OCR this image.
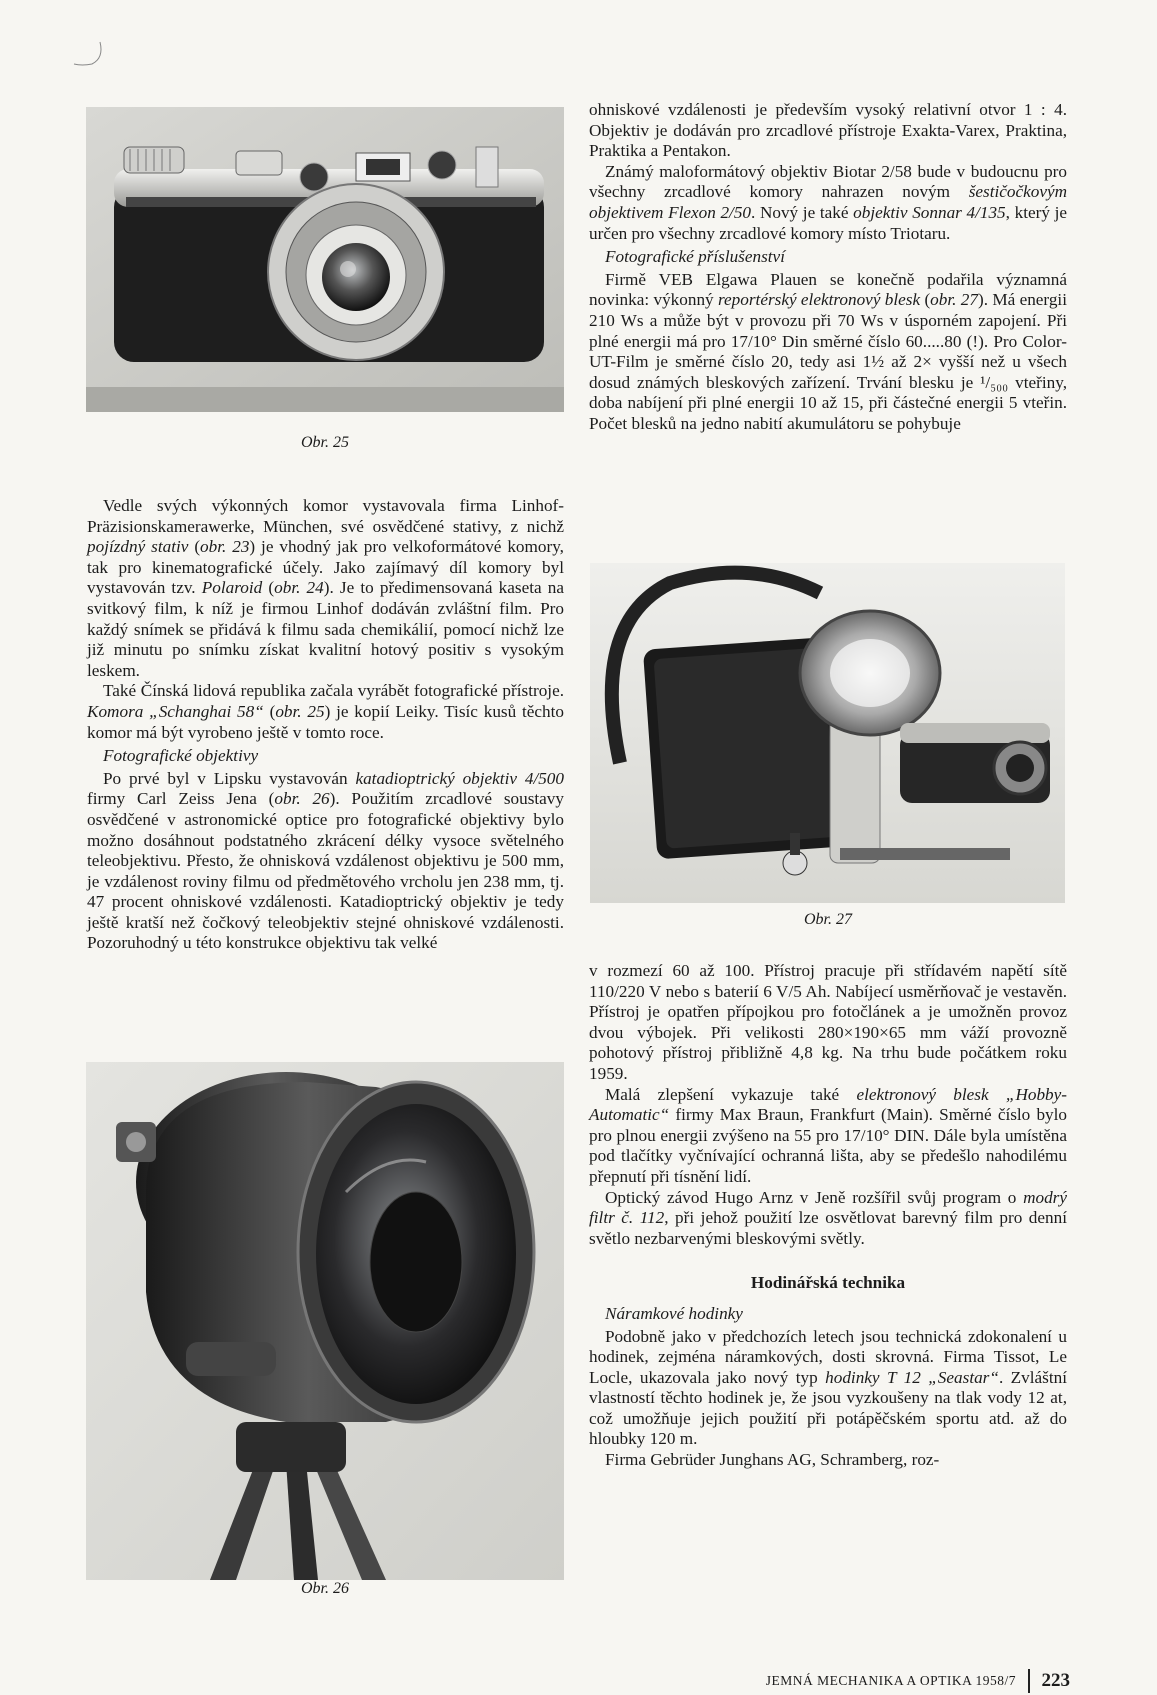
Obr. 25
Obr. 26
Obr. 27

Vedle svých výkonných komor vystavovala firma Linhof-Präzisionskamerawerke, München, své osvědčené stativy, z nichž pojízdný stativ (obr. 23) je vhodný jak pro velkoformátové komory, tak pro kinematografické účely. Jako zajímavý díl komory byl vystavován tzv. Polaroid (obr. 24). Je to předimensovaná kaseta na svitkový film, k níž je firmou Linhof dodáván zvláštní film. Pro každý snímek se přidává k filmu sada chemikálií, pomocí nichž lze již minutu po snímku získat kvalitní hotový positiv s vysokým leskem.

Také Čínská lidová republika začala vyrábět fotografické přístroje. Komora „Schanghai 58“ (obr. 25) je kopií Leiky. Tisíc kusů těchto komor má být vyrobeno ještě v tomto roce.

Fotografické objektivy

Po prvé byl v Lipsku vystavován katadioptrický objektiv 4/500 firmy Carl Zeiss Jena (obr. 26). Použitím zrcadlové soustavy osvědčené v astronomické optice pro fotografické objektivy bylo možno dosáhnout podstatného zkrácení délky vysoce světelného teleobjektivu. Přesto, že ohnisková vzdálenost objektivu je 500 mm, je vzdálenost roviny filmu od předmětového vrcholu jen 238 mm, tj. 47 procent ohniskové vzdálenosti. Katadioptrický objektiv je tedy ještě kratší než čočkový teleobjektiv stejné ohniskové vzdálenosti. Pozoruhodný u této konstrukce objektivu tak velké

ohniskové vzdálenosti je především vysoký relativní otvor 1 : 4. Objektiv je dodáván pro zrcadlové přístroje Exakta-Varex, Praktina, Praktika a Pentakon.

Známý maloformátový objektiv Biotar 2/58 bude v budoucnu pro všechny zrcadlové komory nahrazen novým šestičočkovým objektivem Flexon 2/50. Nový je také objektiv Sonnar 4/135, který je určen pro všechny zrcadlové komory místo Triotaru.

Fotografické příslušenství

Firmě VEB Elgawa Plauen se konečně podařila významná novinka: výkonný reportérský elektronový blesk (obr. 27). Má energii 210 Ws a může být v provozu při 70 Ws v úsporném zapojení. Při plné energii má pro 17/10° Din směrné číslo 60.....80 (!). Pro Color-UT-Film je směrné číslo 20, tedy asi 1½ až 2× vyšší než u všech dosud známých bleskových zařízení. Trvání blesku je ¹/₅₀₀ vteřiny, doba nabíjení při plné energii 10 až 15, při částečné energii 5 vteřin. Počet blesků na jedno nabití akumulátoru se pohybuje

v rozmezí 60 až 100. Přístroj pracuje při střídavém napětí sítě 110/220 V nebo s baterií 6 V/5 Ah. Nabíjecí usměrňovač je vestavěn. Přístroj je opatřen přípojkou pro fotočlánek a je umožněn provoz dvou výbojek. Při velikosti 280×190×65 mm váží provozně pohotový přístroj přibližně 4,8 kg. Na trhu bude počátkem roku 1959.

Malá zlepšení vykazuje také elektronový blesk „Hobby-Automatic“ firmy Max Braun, Frankfurt (Main). Směrné číslo bylo pro plnou energii zvýšeno na 55 pro 17/10° DIN. Dále byla umístěna pod tlačítky vyčnívající ochranná lišta, aby se předešlo nahodilému přepnutí při tísnění lidí.

Optický závod Hugo Arnz v Jeně rozšířil svůj program o modrý filtr č. 112, při jehož použití lze osvětlovat barevný film pro denní světlo nezbarvenými bleskovými světly.

Hodinářská technika
Náramkové hodinky

Podobně jako v předchozích letech jsou technická zdokonalení u hodinek, zejména náramkových, dosti skrovná. Firma Tissot, Le Locle, ukazovala jako nový typ hodinky T 12 „Seastar“. Zvláštní vlastností těchto hodinek je, že jsou vyzkoušeny na tlak vody 12 at, což umožňuje jejich použití při potápěčském sportu atd. až do hloubky 120 m.

Firma Gebrüder Junghans AG, Schramberg, roz-

JEMNÁ MECHANIKA A OPTIKA 1958/7 223
